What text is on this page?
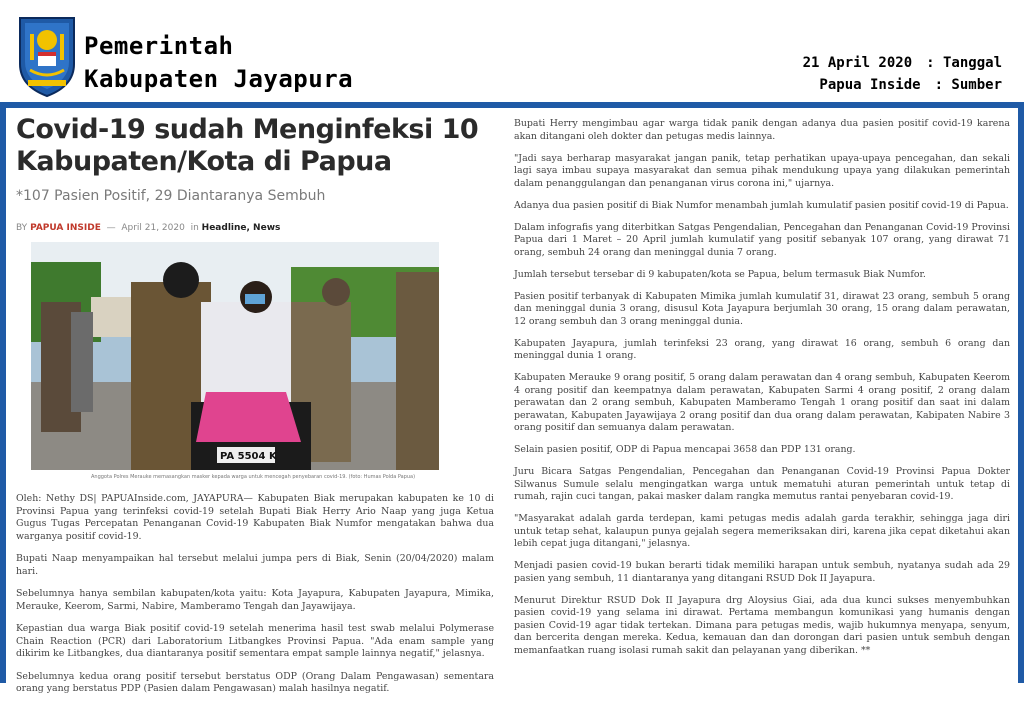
Pemerintah
Kabupaten Jayapura
21 April 2020 : Tanggal
Papua Inside : Sumber
Covid-19 sudah Menginfeksi 10 Kabupaten/Kota di Papua
*107 Pasien Positif, 29 Diantaranya Sembuh
BY PAPUA INSIDE — April 21, 2020 in Headline, News
PA 5504 K
Anggota Polres Merauke memasangkan masker kepada warga untuk mencegah penyebaran covid-19. (foto: Humas Polda Papua)

Oleh: Nethy DS| PAPUAInside.com, JAYAPURA— Kabupaten Biak merupakan kabupaten ke 10 di Provinsi Papua yang terinfeksi covid-19 setelah Bupati Biak Herry Ario Naap yang juga Ketua Gugus Tugas Percepatan Penanganan Covid-19 Kabupaten Biak Numfor mengatakan bahwa dua warganya positif covid-19.

Bupati Naap menyampaikan hal tersebut melalui jumpa pers di Biak, Senin (20/04/2020) malam hari.

Sebelumnya hanya sembilan kabupaten/kota yaitu: Kota Jayapura, Kabupaten Jayapura, Mimika, Merauke, Keerom, Sarmi, Nabire, Mamberamo Tengah dan Jayawijaya.

Kepastian dua warga Biak positif covid-19 setelah menerima hasil test swab melalui Polymerase Chain Reaction (PCR) dari Laboratorium Litbangkes Provinsi Papua. "Ada enam sample yang dikirim ke Litbangkes, dua diantaranya positif sementara empat sample lainnya negatif," jelasnya.

Sebelumnya kedua orang positif tersebut berstatus ODP (Orang Dalam Pengawasan) sementara orang yang berstatus PDP (Pasien dalam Pengawasan) malah hasilnya negatif.

Bupati Herry mengimbau agar warga tidak panik dengan adanya dua pasien positif covid-19 karena akan ditangani oleh dokter dan petugas medis lainnya.

"Jadi saya berharap masyarakat jangan panik, tetap perhatikan upaya-upaya pencegahan, dan sekali lagi saya imbau supaya masyarakat dan semua pihak mendukung upaya yang dilakukan pemerintah dalam penanggulangan dan penanganan virus corona ini," ujarnya.

Adanya dua pasien positif di Biak Numfor menambah jumlah kumulatif pasien positif covid-19 di Papua.

Dalam infografis yang diterbitkan Satgas Pengendalian, Pencegahan dan Penanganan Covid-19 Provinsi Papua dari 1 Maret – 20 April jumlah kumulatif yang positif sebanyak 107 orang, yang dirawat 71 orang, sembuh 24 orang dan meninggal dunia 7 orang.

Jumlah tersebut tersebar di 9 kabupaten/kota se Papua, belum termasuk Biak Numfor.

Pasien positif terbanyak di Kabupaten Mimika jumlah kumulatif 31, dirawat 23 orang, sembuh 5 orang dan meninggal dunia 3 orang, disusul Kota Jayapura berjumlah 30 orang, 15 orang dalam perawatan, 12 orang sembuh dan 3 orang meninggal dunia.

Kabupaten Jayapura, jumlah terinfeksi 23 orang, yang dirawat 16 orang, sembuh 6 orang dan meninggal dunia 1 orang.

Kabupaten Merauke 9 orang positif, 5 orang dalam perawatan dan 4 orang sembuh, Kabupaten Keerom 4 orang positif dan keempatnya dalam perawatan, Kabupaten Sarmi 4 orang positif, 2 orang dalam perawatan dan 2 orang sembuh, Kabupaten Mamberamo Tengah 1 orang positif dan saat ini dalam perawatan, Kabupaten Jayawijaya 2 orang positif dan dua orang dalam perawatan, Kabipaten Nabire 3 orang positif dan semuanya dalam perawatan.

Selain pasien positif, ODP di Papua mencapai 3658 dan PDP 131 orang.

Juru Bicara Satgas Pengendalian, Pencegahan dan Penanganan Covid-19 Provinsi Papua Dokter Silwanus Sumule selalu mengingatkan warga untuk mematuhi aturan pemerintah untuk tetap di rumah, rajin cuci tangan, pakai masker dalam rangka memutus rantai penyebaran covid-19.

"Masyarakat adalah garda terdepan, kami petugas medis adalah garda terakhir, sehingga jaga diri untuk tetap sehat, kalaupun punya gejalah segera memeriksakan diri, karena jika cepat diketahui akan lebih cepat juga ditangani," jelasnya.

Menjadi pasien covid-19 bukan berarti tidak memiliki harapan untuk sembuh, nyatanya sudah ada 29 pasien yang sembuh, 11 diantaranya yang ditangani RSUD Dok II Jayapura.

Menurut Direktur RSUD Dok II Jayapura drg Aloysius Giai, ada dua kunci sukses menyembuhkan pasien covid-19 yang selama ini dirawat. Pertama membangun komunikasi yang humanis dengan pasien Covid-19 agar tidak tertekan. Dimana para petugas medis, wajib hukumnya menyapa, senyum, dan bercerita dengan mereka. Kedua, kemauan dan dan dorongan dari pasien untuk sembuh dengan memanfaatkan ruang isolasi rumah sakit dan pelayanan yang diberikan. **
